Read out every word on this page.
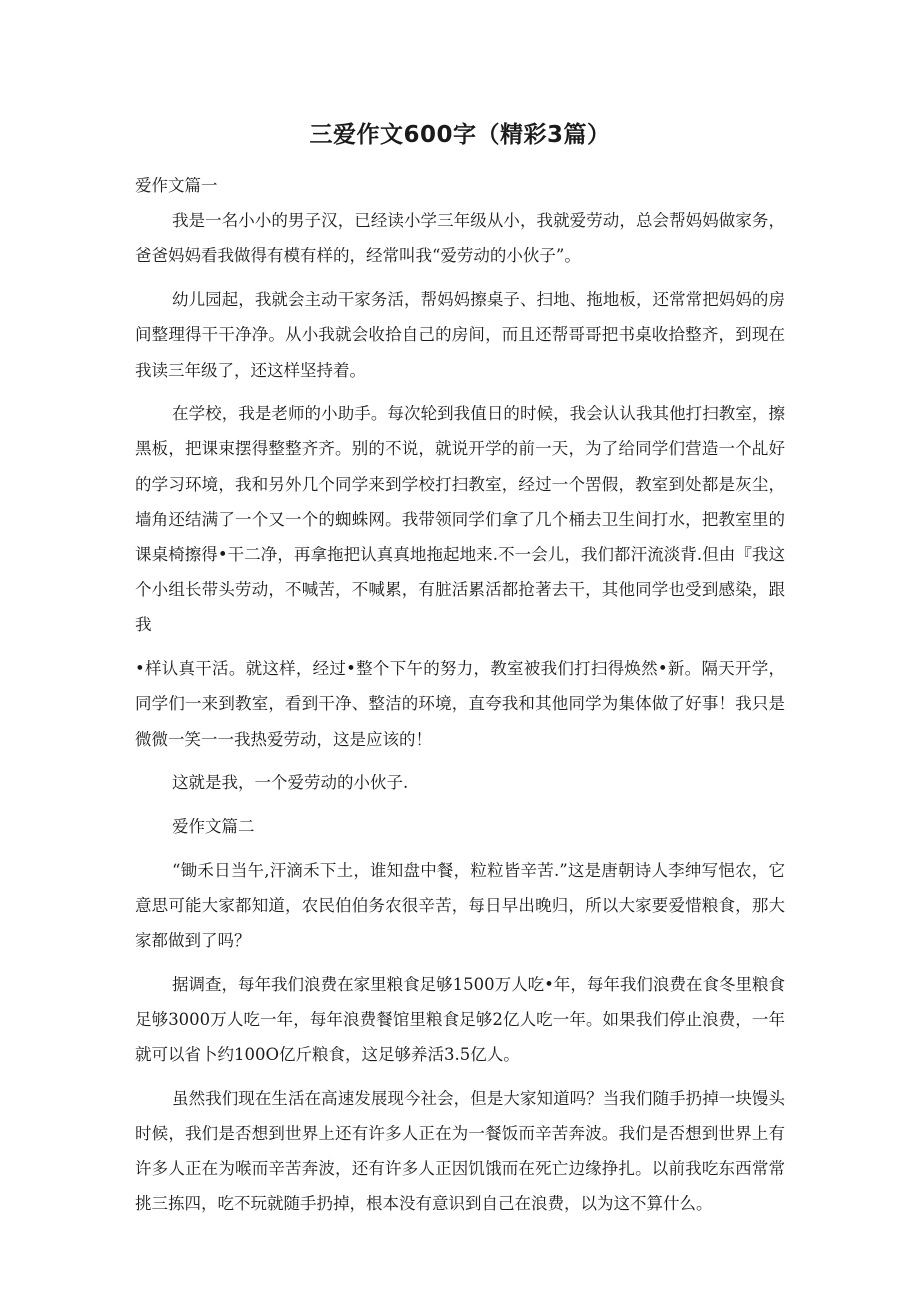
三爱作文600字（精彩3篇）

爱作文篇一

我是一名小小的男子汉，已经读小学三年级从小，我就爱劳动，总会帮妈妈做家务，爸爸妈妈看我做得有模有样的，经常叫我“爱劳动的小伙子”。

幼儿园起，我就会主动干家务活，帮妈妈擦桌子、扫地、拖地板，还常常把妈妈的房间整理得干干净净。从小我就会收拾自己的房间，而且还帮哥哥把书桌收拾整齐，到现在我读三年级了，还这样坚持着。

在学校，我是老师的小助手。每次轮到我值日的时候，我会认认我其他打扫教室，擦黑板，把课束摆得整整齐齐。别的不说，就说开学的前一天，为了给同学们营造一个乩好的学习环境，我和另外几个同学来到学校打扫教室，经过一个罟假，教室到处都是灰尘，墙角还结满了一个又一个的蜘蛛网。我带领同学们拿了几个桶去卫生间打水，把教室里的课桌椅擦得•干二净，再拿拖把认真真地拖起地来.不一会儿，我们都汗流淡背.但由『我这个小组长带头劳动，不喊苦，不喊累，有脏活累活都抢著去干，其他同学也受到感染，跟我

•样认真干活。就这样，经过•整个下午的努力，教室被我们打扫得焕然•新。隔天开学，同学们一来到教室，看到干净、整洁的环境，直夸我和其他同学为集体做了好事！我只是微微一笑一一我热爱劳动，这是应该的！

这就是我，一个爱劳动的小伙子.

爱作文篇二

“锄禾日当午,汗滴禾下土，谁知盘中餐，粒粒皆辛苦.”这是唐朝诗人李绅写悒农，它意思可能大家都知道，农民伯伯务农很辛苦，每日早出晚归，所以大家要爱惜粮食，那大家都做到了吗？

据调查，每年我们浪费在家里粮食足够1500万人吃•年，每年我们浪费在食冬里粮食足够3000万人吃一年，每年浪费餐馆里粮食足够2亿人吃一年。如果我们停止浪费，一年就可以省卜约100O亿斤粮食，这足够养活3.5亿人。

虽然我们现在生活在高速发展现今社会，但是大家知道吗？当我们随手扔掉一块馒头时候，我们是否想到世界上还有许多人正在为一餐饭而辛苦奔波。我们是否想到世界上有许多人正在为喉而辛苦奔波，还有许多人正因饥饿而在死亡边缘挣扎。以前我吃东西常常挑三拣四，吃不玩就随手扔掉，根本没有意识到自己在浪费，以为这不算什么。
